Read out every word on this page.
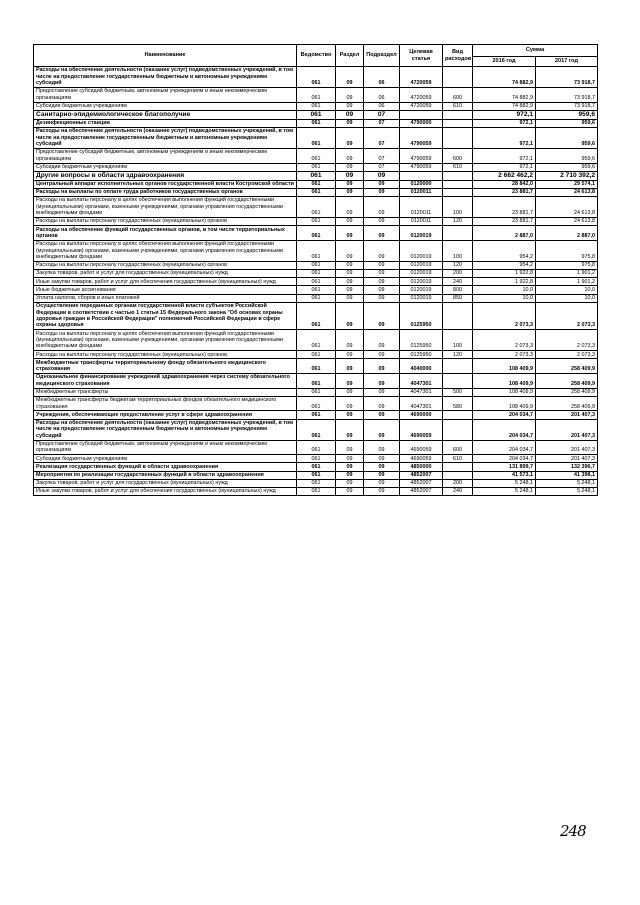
Наименование	Ведомство	Раздел	Подраздел	Целевая статья	Вид расходов	Сумма	
						2016 год	2017 год
Расходы на обеспечение деятельности (оказание услуг) подведомственных учреждений, в том числе на предоставление государственным бюджетным и автономным учреждениям субсидий	061	09	06	4720059		74 882,9	73 918,7
Предоставление субсидий бюджетным, автономным учреждениям и иным некоммерческим организациям	061	09	06	4720059	600	74 882,9	73 918,7
Субсидии бюджетным учреждениям	061	09	06	4720059	610	74 882,9	73 918,7
Санитарно-эпидемиологическое благополучие	061	09	07			972,1	959,6
Дезинфекционные станции	061	09	07	4790000		972,1	959,6
Расходы на обеспечение деятельности (оказание услуг) подведомственных учреждений, в том числе на предоставление государственным бюджетным и автономным учреждениям субсидий	061	09	07	4790059		972,1	959,6
Предоставление субсидий бюджетным, автономным учреждениям и иным некоммерческим организациям	061	09	07	4790059	600	972,1	959,6
Субсидии бюджетным учреждениям	061	09	07	4790059	610	972,1	959,6
Другие вопросы в области здравоохранения	061	09	09			2 662 462,2	2 710 392,2
Центральный аппарат исполнительных органов государственной власти Костромской области	061	09	09	0120000		28 842,0	29 574,1
Расходы на выплаты по оплате труда работников государственных органов	061	09	09	0120011		23 881,7	24 613,8
Расходы на выплаты персоналу в целях обеспечения выполнения функций государственными (муниципальными) органами, казенными учреждениями, органами управления государственными внебюджетными фондами	061	09	09	0120011	100	23 881,7	24 613,8
Расходы на выплаты персоналу государственных (муниципальных) органов	061	09	09	0120011	120	23 881,7	24 613,8
Расходы на обеспечение функций государственных органов, в том числе территориальных органов	061	09	09	0120019		2 887,0	2 887,0
Расходы на выплаты персоналу в целях обеспечения выполнения функций государственными (муниципальными) органами, казенными учреждениями, органами управления государственными внебюджетными фондами	061	09	09	0120019	100	954,2	975,8
Расходы на выплаты персоналу государственных (муниципальных) органов	061	09	09	0120019	120	954,2	975,8
Закупка товаров, работ и услуг для государственных (муниципальных) нужд	061	09	09	0120019	200	1 922,8	1 901,2
Иные закупки товаров, работ и услуг для обеспечения государственных (муниципальных) нужд	061	09	09	0120019	240	1 922,8	1 901,2
Иные бюджетные ассигнования	061	09	09	0120019	800	10,0	10,0
Уплата налогов, сборов и иных платежей	061	09	09	0120019	850	10,0	10,0
Осуществление переданных органам государственной власти субъектов Российской Федерации в соответствии с частью 1 статьи 15 Федерального закона "Об основах охраны здоровья граждан в Российской Федерации" полномочий Российской Федерации в сфере охраны здоровья	061	09	09	0125950		2 073,3	2 073,3
Расходы на выплаты персоналу в целях обеспечения выполнения функций государственными (муниципальными) органами, казенными учреждениями, органами управления государственными внебюджетными фондами	061	09	09	0125950	100	2 073,3	2 073,3
Расходы на выплаты персоналу государственных (муниципальных) органов	061	09	09	0125950	120	2 073,3	2 073,3
Межбюджетные трансферты территориальному фонду обязательного медицинского страхования	061	09	09	4040000		108 409,9	258 409,9
Одноканальное финансирование учреждений здравоохранения через систему обязательного медицинского страхования	061	09	09	4047301		108 409,9	258 409,9
Межбюджетные трансферты	061	09	09	4047301	500	108 409,9	258 409,9
Межбюджетные трансферты бюджетам территориальных фондов обязательного медицинского страхования	061	09	09	4047301	580	108 409,9	258 409,9
Учреждения, обеспечивающие предоставление услуг в сфере здравоохранения	061	09	09	4690000		204 034,7	201 407,3
Расходы на обеспечение деятельности (оказание услуг) подведомственных учреждений, в том числе на предоставление государственным бюджетным и автономным учреждениям субсидий	061	09	09	4690059		204 034,7	201 407,3
Предоставление субсидий бюджетным, автономным учреждениям и иным некоммерческим организациям	061	09	09	4690059	600	204 034,7	201 407,3
Субсидии бюджетным учреждениям	061	09	09	4690059	610	204 034,7	201 407,3
Реализация государственных функций в области здравоохранения	061	09	09	4850000		131 899,7	132 396,7
Мероприятия по реализации государственных функций в области здравоохранения	061	09	09	4852007		41 573,1	41 398,1
Закупка товаров, работ и услуг для государственных (муниципальных) нужд	061	09	09	4852007	200	5 248,1	5 248,1
Иные закупки товаров, работ и услуг для обеспечения государственных (муниципальных) нужд	061	09	09	4852007	240	5 248,1	5 248,1
248
